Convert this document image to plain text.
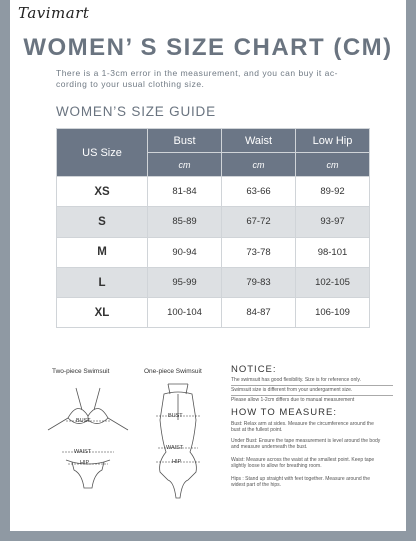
Tavimart
WOMEN’ S SIZE CHART (CM)
There is a 1-3cm error in the measurement, and you can buy it ac-
cording to your usual clothing size.
WOMEN’S SIZE GUIDE
US Size	Bust	Waist	Low Hip
	cm	cm	cm
XS	81-84	63-66	89-92
S	85-89	67-72	93-97
M	90-94	73-78	98-101
L	95-99	79-83	102-105
XL	100-104	84-87	106-109
Two-piece Swimsuit
BUST
WAIST
HIP
One-piece Swimsuit
BUST
WAIST
HIP
NOTICE:
The swimsuit has good flexibility. Size is for reference only.
Swimsuit size is different from your undergarment size.
Please allow 1-2cm differs due to manual measurement
HOW TO MEASURE:
Bust: Relax arm at sides. Measure the circumference around the bust at the fullest point.
Under Bust: Ensure the tape measurement is level around the body and measure underneath the bust.
Waist: Measure across the waist at the smallest point. Keep tape slightly loose to allow for breathing room.
Hips : Stand up straight with feet together. Measure around the widest part of the hips.
